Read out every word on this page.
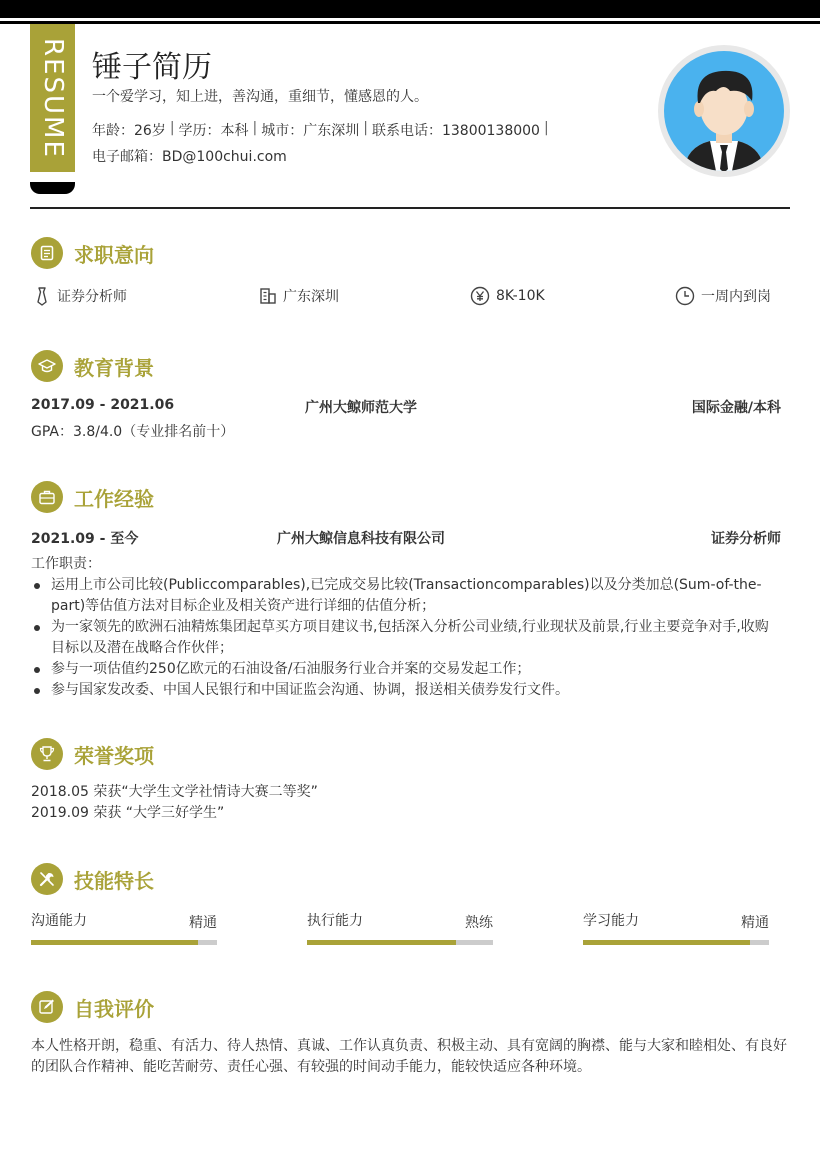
RESUME 锤子简历
一个爱学习，知上进，善沟通，重细节，懂感恩的人。
年龄：26岁 | 学历：本科 | 城市：广东深圳 | 联系电话：13800138000 |
电子邮箱：BD@100chui.com
求职意向
证券分析师	广东深圳	8K-10K	一周内到岗
教育背景
2017.09 - 2021.06	广州大鲸师范大学	国际金融/本科
GPA：3.8/4.0（专业排名前十）
工作经验
2021.09 - 至今	广州大鲸信息科技有限公司	证券分析师
工作职责：
运用上市公司比较(Publiccomparables),已完成交易比较(Transactioncomparables)以及分类加总(Sum-of-the-part)等估值方法对目标企业及相关资产进行详细的估值分析；
为一家领先的欧洲石油精炼集团起草买方项目建议书,包括深入分析公司业绩,行业现状及前景,行业主要竞争对手,收购目标以及潜在战略合作伙伴；
参与一项估值约250亿欧元的石油设备/石油服务行业合并案的交易发起工作；
参与国家发改委、中国人民银行和中国证监会沟通、协调，报送相关债券发行文件。
荣誉奖项
2018.05 荣获“大学生文学社情诗大赛二等奖”
2019.09 荣获 “大学三好学生”
技能特长
沟通能力	精通	执行能力	熟练	学习能力	精通
自我评价
本人性格开朗，稳重、有活力、待人热情、真诚、工作认真负责、积极主动、具有宽阔的胸襟、能与大家和睦相处、有良好的团队合作精神、能吃苦耐劳、责任心强、有较强的时间动手能力，能较快适应各种环境。
